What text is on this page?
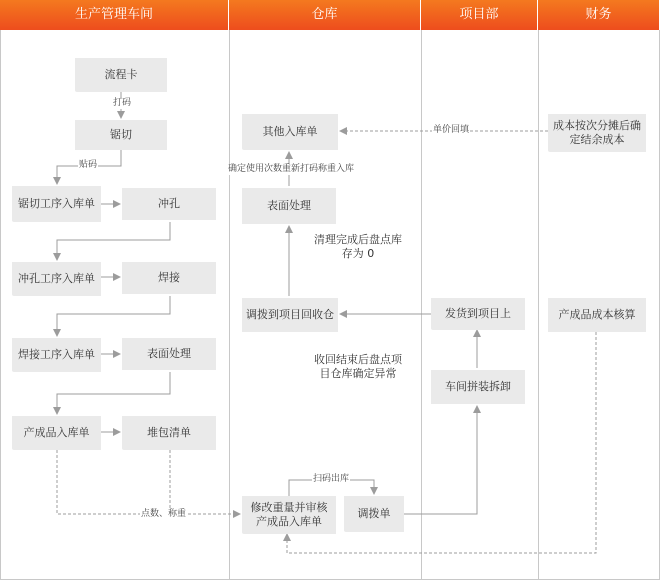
生产管理车间	仓库	项目部	财务
流程卡
锯切
锯切工序入库单	冲孔
冲孔工序入库单	焊接
焊接工序入库单	表面处理
产成品入库单	堆包清单
其他入库单
表面处理
清理完成后盘点库存为 0
调拨到项目回收仓
收回结束后盘点项目仓库确定异常
修改重量并审核产成品入库单
调拨单
发货到项目上
车间拼装拆卸
成本按次分摊后确定结余成本
产成品成本核算
打码
贴码	确定使用次数重新打码称重入库
单价回填
扫码出库
点数、称重
